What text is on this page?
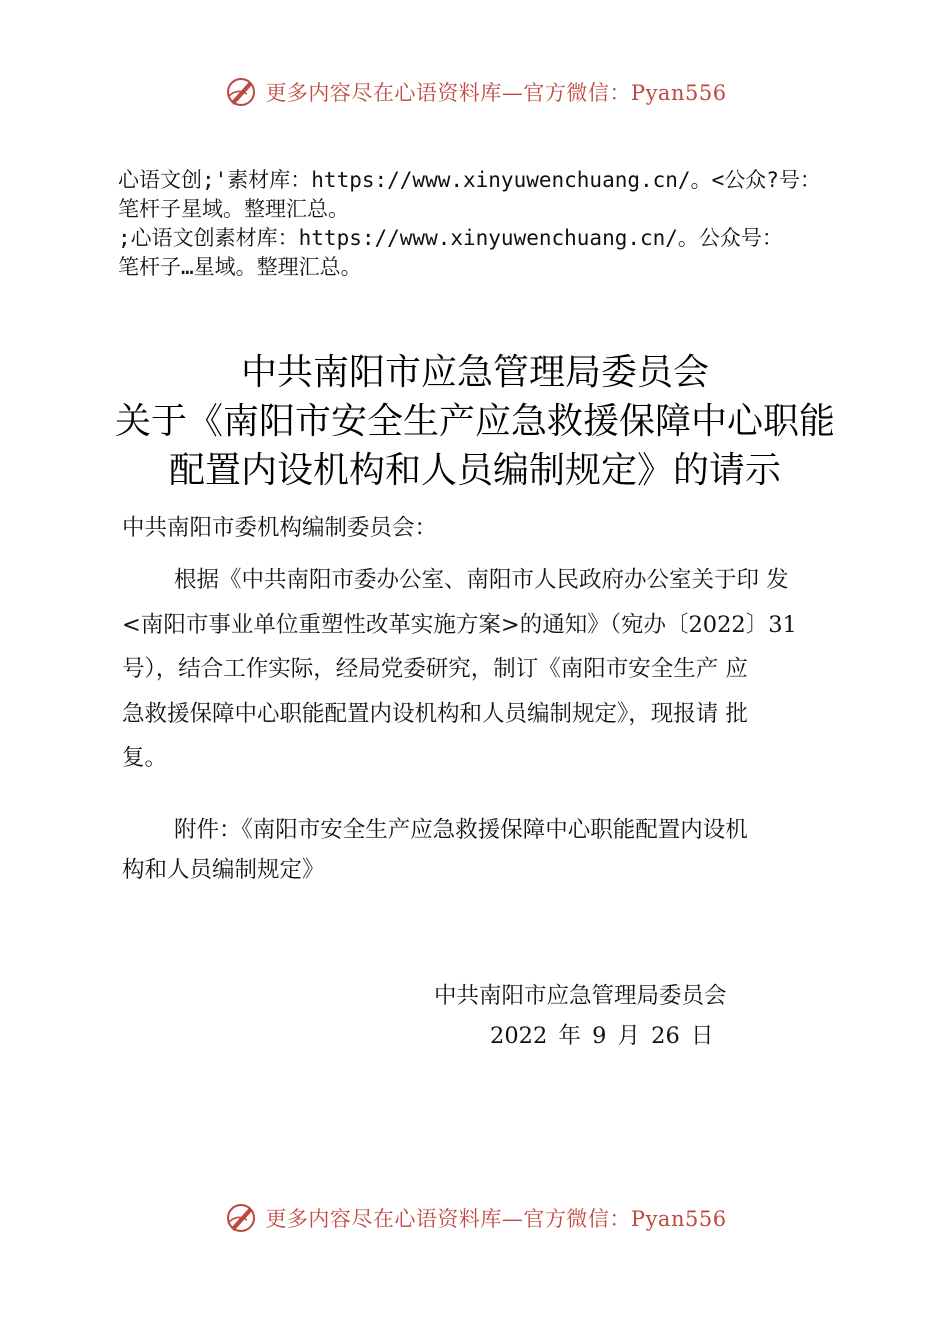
更多内容尽在心语资料库—官方微信：Pyan556
心语文创;'素材库：https://www.xinyuwenchuang.cn/。<公众?号：
笔杆子星域。整理汇总。
;心语文创素材库：https://www.xinyuwenchuang.cn/。公众号：
笔杆子…星域。整理汇总。
中共南阳市应急管理局委员会
关于《南阳市安全生产应急救援保障中心职能
配置内设机构和人员编制规定》的请示
中共南阳市委机构编制委员会：
根据《中共南阳市委办公室、南阳市人民政府办公室关于印 发
<南阳市事业单位重塑性改革实施方案>的通知》（宛办〔2022〕31
号），结合工作实际，经局党委研究，制订《南阳市安全生产 应
急救援保障中心职能配置内设机构和人员编制规定》，现报请 批
复。
附件：《南阳市安全生产应急救援保障中心职能配置内设机
构和人员编制规定》
中共南阳市应急管理局委员会
2022 年 9 月 26 日
更多内容尽在心语资料库—官方微信：Pyan556
